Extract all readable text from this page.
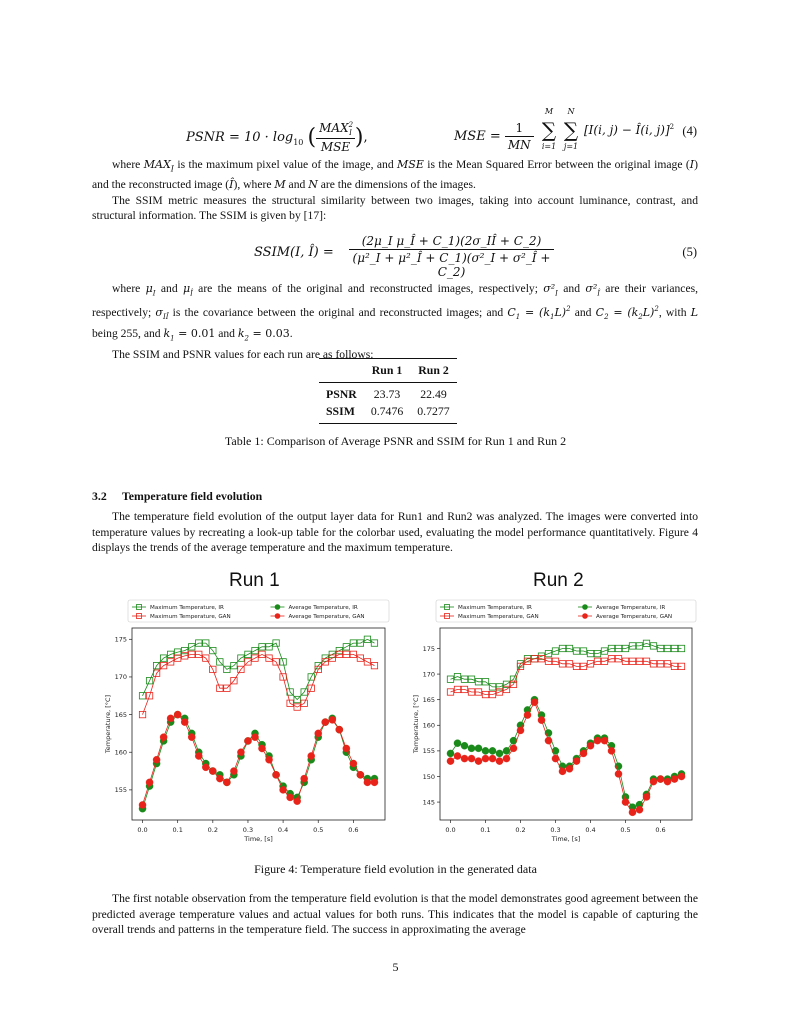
PSNR = $10 \cdot \log_{10}$ ( $\frac{MAX^2_I}{\text{MSE}}$ ),	MSE = $\frac{1}{MN}$
M
∑
i=1
N
∑
j=1
[I(i, j) − Î(i, j)]$^2$ (4)

where $MAX_I$ is the maximum pixel value of the image, and MSE is the Mean Squared Error between the original image (I) and the reconstructed image (Î), where M and N are the dimensions of the images.

The SSIM metric measures the structural similarity between two images, taking into account luminance, contrast, and structural information. The SSIM is given by [17]:

SSIM(I, Î) = $\frac{\text{(2μ\_I μ\_Î + C\_1)(2σ\_IÎ + C\_2)}}{\text{(μ²\_I + μ²\_Î + C\_1)(σ²\_I + σ²\_Î + C\_2)}}$	(5)

where $\mu_I$ and $\mu_Î$ are the means of the original and reconstructed images, respectively; $\sigma^2_I$ and $\sigma^2_Î$ are their variances, respectively; $\sigma_{IÎ}$ is the covariance between the original and reconstructed images; and $C_1 = (k_1L)^2$ and $C_2 = (k_2L)^2$, with L being 255, and $k_1 = 0.01$ and $k_2 = 0.03$.

The SSIM and PSNR values for each run are as follows:

	Run 1	Run 2
PSNR	23.73	22.49
SSIM	0.7476	0.7277
Table 1: Comparison of Average PSNR and SSIM for Run 1 and Run 2
3.2 Temperature field evolution

The temperature field evolution of the output layer data for Run1 and Run2 was analyzed. The images were converted into temperature values by recreating a look-up table for the colorbar used, evaluating the model performance quantitatively. Figure 4 displays the trends of the average temperature and the maximum temperature.

Run 1	Run 2
0.0	0.1	0.2	0.3	0.4	0.5	0.6
155
160
165
170
175
Time, [s]
Temperature, [°C]
Maximum Temperature, IR	Average Temperature, IR
Maximum Temperature, GAN	Average Temperature, GAN
0.0	0.1	0.2	0.3	0.4	0.5	0.6
145
150
155
160
165
170
175
Time, [s]
Temperature, [°C]
Maximum Temperature, IR	Average Temperature, IR
Maximum Temperature, GAN	Average Temperature, GAN
Figure 4: Temperature field evolution in the generated data

The first notable observation from the temperature field evolution is that the model demonstrates good agreement between the predicted average temperature values and actual values for both runs. This indicates that the model is capable of capturing the overall trends and patterns in the temperature field. The success in approximating the average

5
